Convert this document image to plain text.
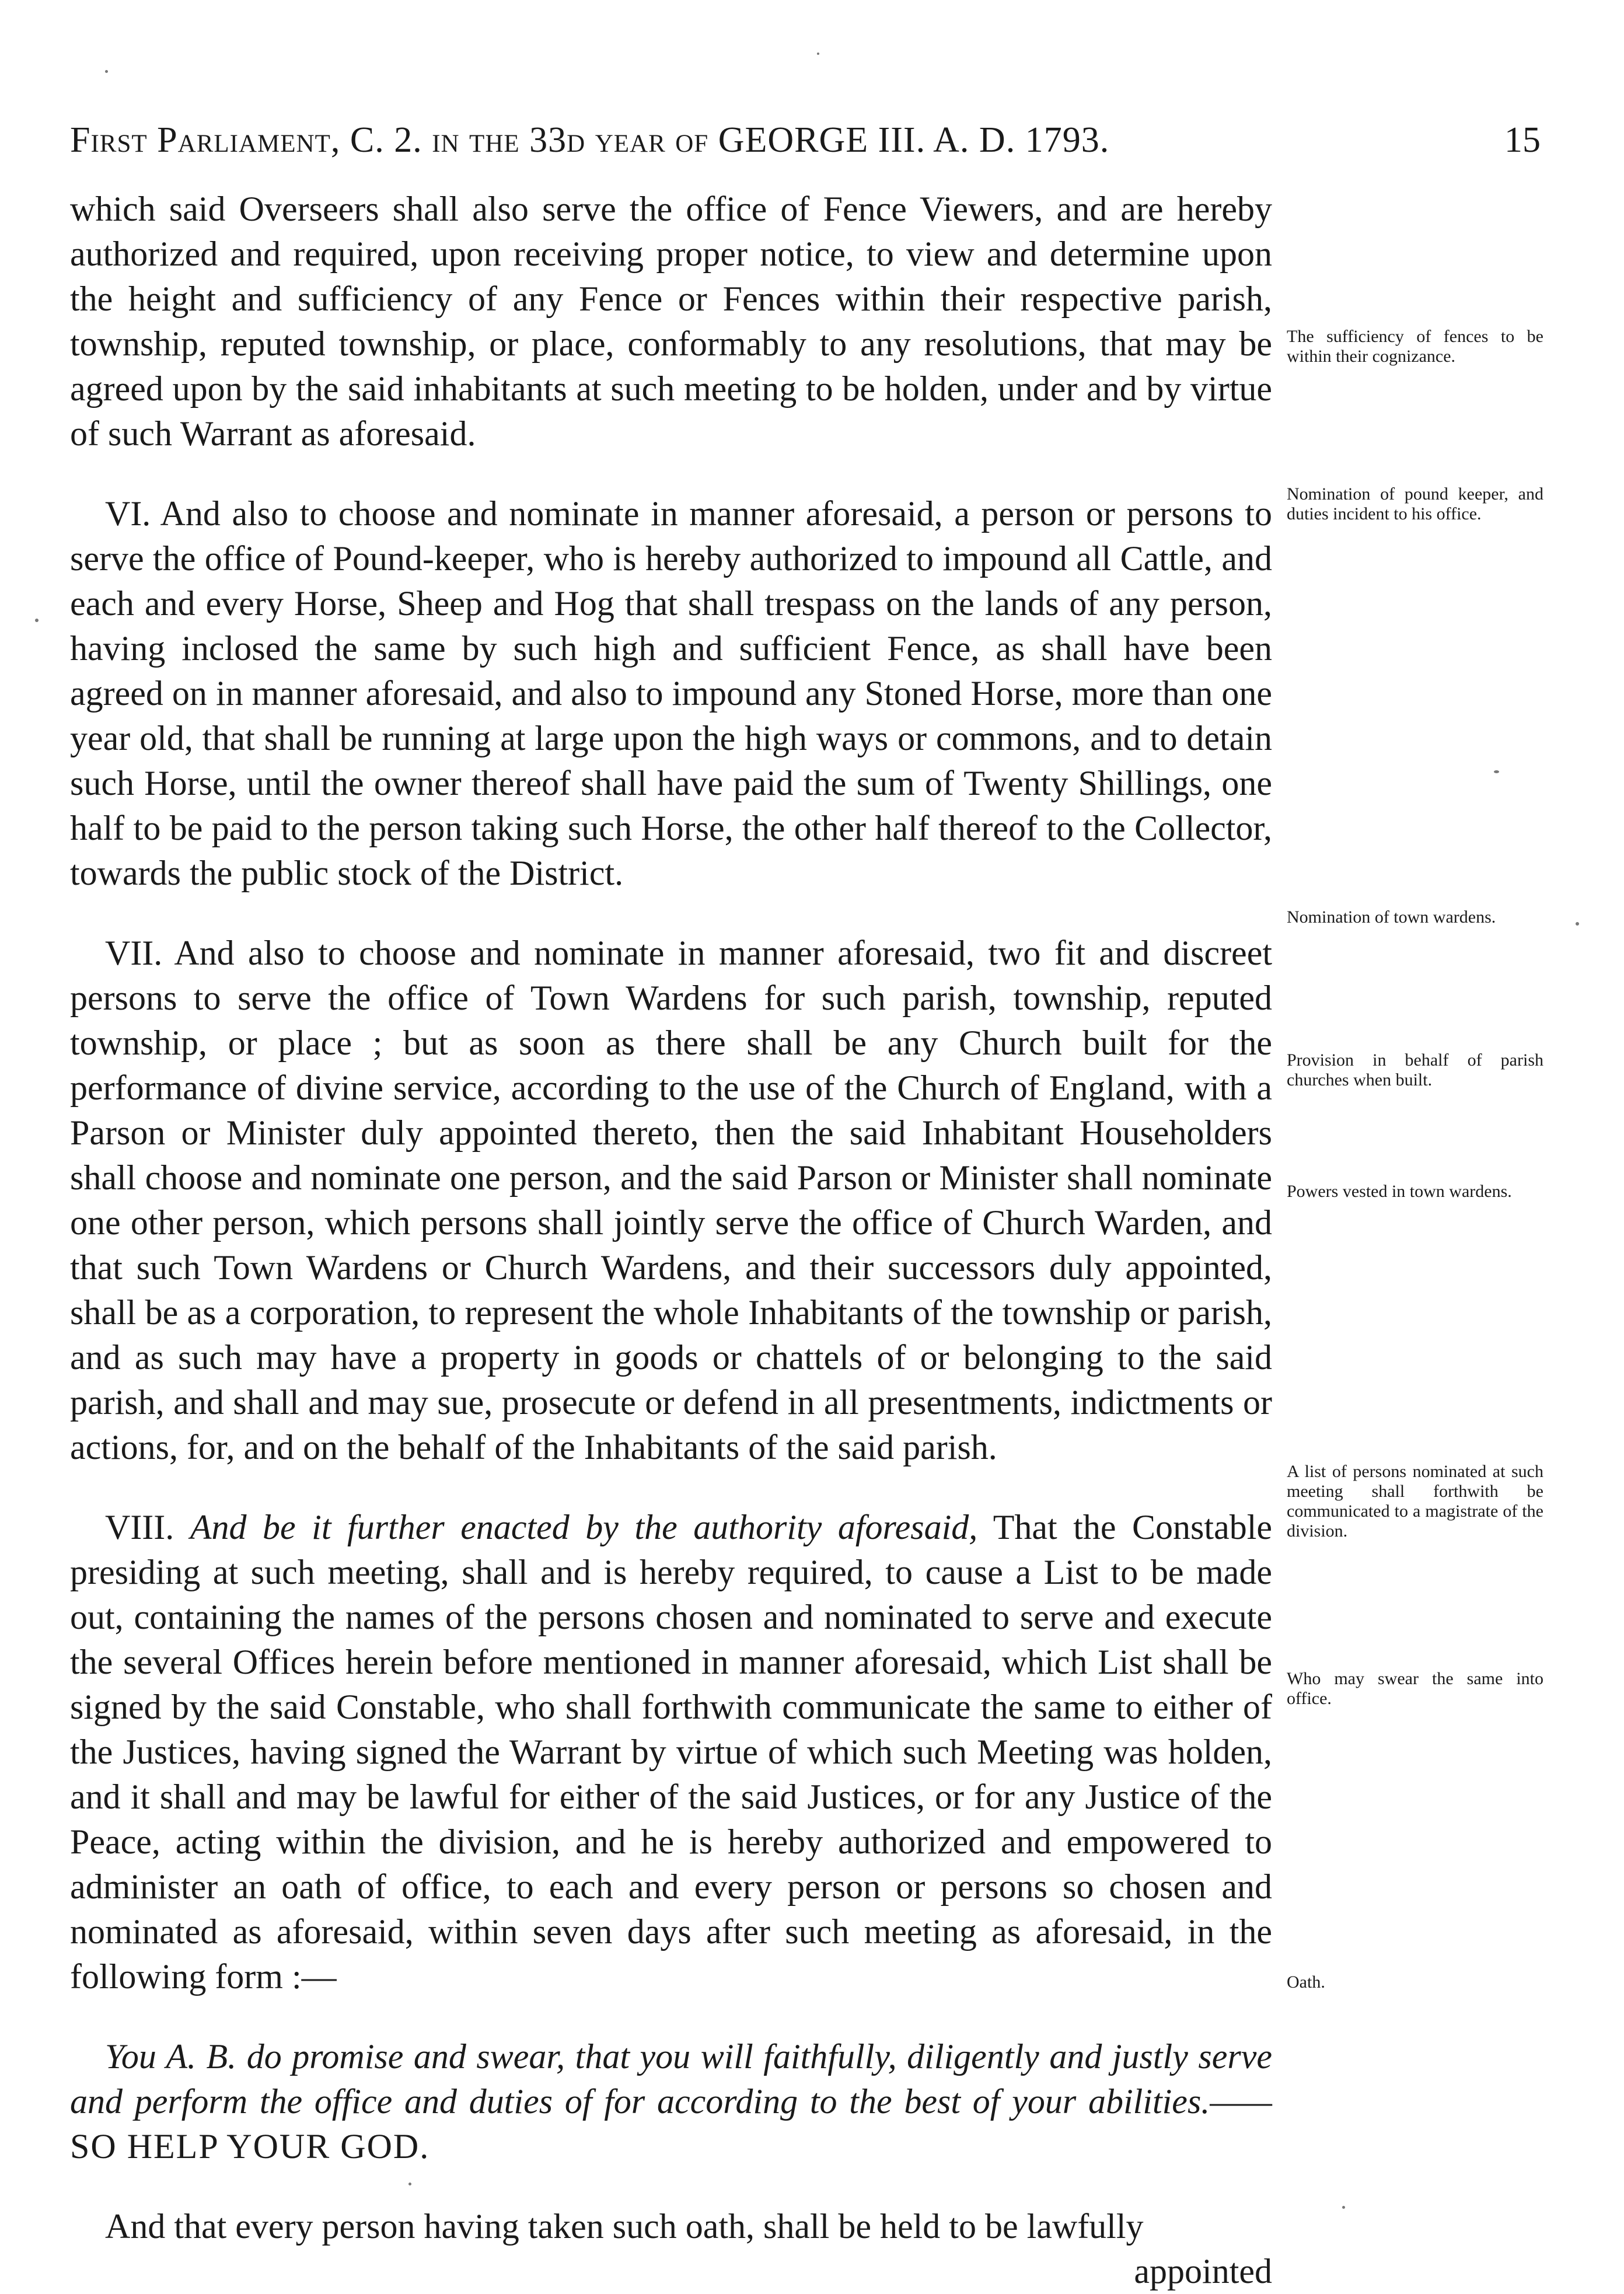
First Parliament, C. 2. in the 33d year of GEORGE III. A. D. 1793.	15

which said Overseers shall also serve the office of Fence Viewers, and are hereby authorized and required, upon receiving proper notice, to view and determine upon the height and sufficiency of any Fence or Fences within their respective parish, township, reputed township, or place, conformably to any resolutions, that may be agreed upon by the said inhabitants at such meeting to be holden, under and by virtue of such Warrant as aforesaid.

VI. And also to choose and nominate in manner aforesaid, a person or persons to serve the office of Pound-keeper, who is hereby authorized to impound all Cattle, and each and every Horse, Sheep and Hog that shall trespass on the lands of any person, having inclosed the same by such high and sufficient Fence, as shall have been agreed on in manner aforesaid, and also to impound any Stoned Horse, more than one year old, that shall be running at large upon the high ways or commons, and to detain such Horse, until the owner thereof shall have paid the sum of Twenty Shillings, one half to be paid to the person taking such Horse, the other half thereof to the Collector, towards the public stock of the District.

VII. And also to choose and nominate in manner aforesaid, two fit and discreet persons to serve the office of Town Wardens for such parish, township, reputed township, or place ; but as soon as there shall be any Church built for the performance of divine service, according to the use of the Church of England, with a Parson or Minister duly appointed thereto, then the said Inhabitant Householders shall choose and nominate one person, and the said Parson or Minister shall nominate one other person, which persons shall jointly serve the office of Church Warden, and that such Town Wardens or Church Wardens, and their successors duly appointed, shall be as a corporation, to represent the whole Inhabitants of the township or parish, and as such may have a property in goods or chattels of or belonging to the said parish, and shall and may sue, prosecute or defend in all presentments, indictments or actions, for, and on the behalf of the Inhabitants of the said parish.

VIII. And be it further enacted by the authority aforesaid, That the Constable presiding at such meeting, shall and is hereby required, to cause a List to be made out, containing the names of the persons chosen and nominated to serve and execute the several Offices herein before mentioned in manner aforesaid, which List shall be signed by the said Constable, who shall forthwith communicate the same to either of the Justices, having signed the Warrant by virtue of which such Meeting was holden, and it shall and may be lawful for either of the said Justices, or for any Justice of the Peace, acting within the division, and he is hereby authorized and empowered to administer an oath of office, to each and every person or persons so chosen and nominated as aforesaid, within seven days after such meeting as aforesaid, in the following form :—

You A. B. do promise and swear, that you will faithfully, diligently and justly serve and perform the office and duties of for according to the best of your abilities.—— SO HELP YOUR GOD.

And that every person having taken such oath, shall be held to be lawfully

appointed

The sufficiency of fences to be within their cognizance.
Nomination of pound keeper, and duties incident to his office.
Nomination of town wardens.
Provision in behalf of parish churches when built.
Powers vested in town wardens.
A list of persons nominated at such meeting shall forthwith be communicated to a magistrate of the division.
Who may swear the same into office.
Oath.
